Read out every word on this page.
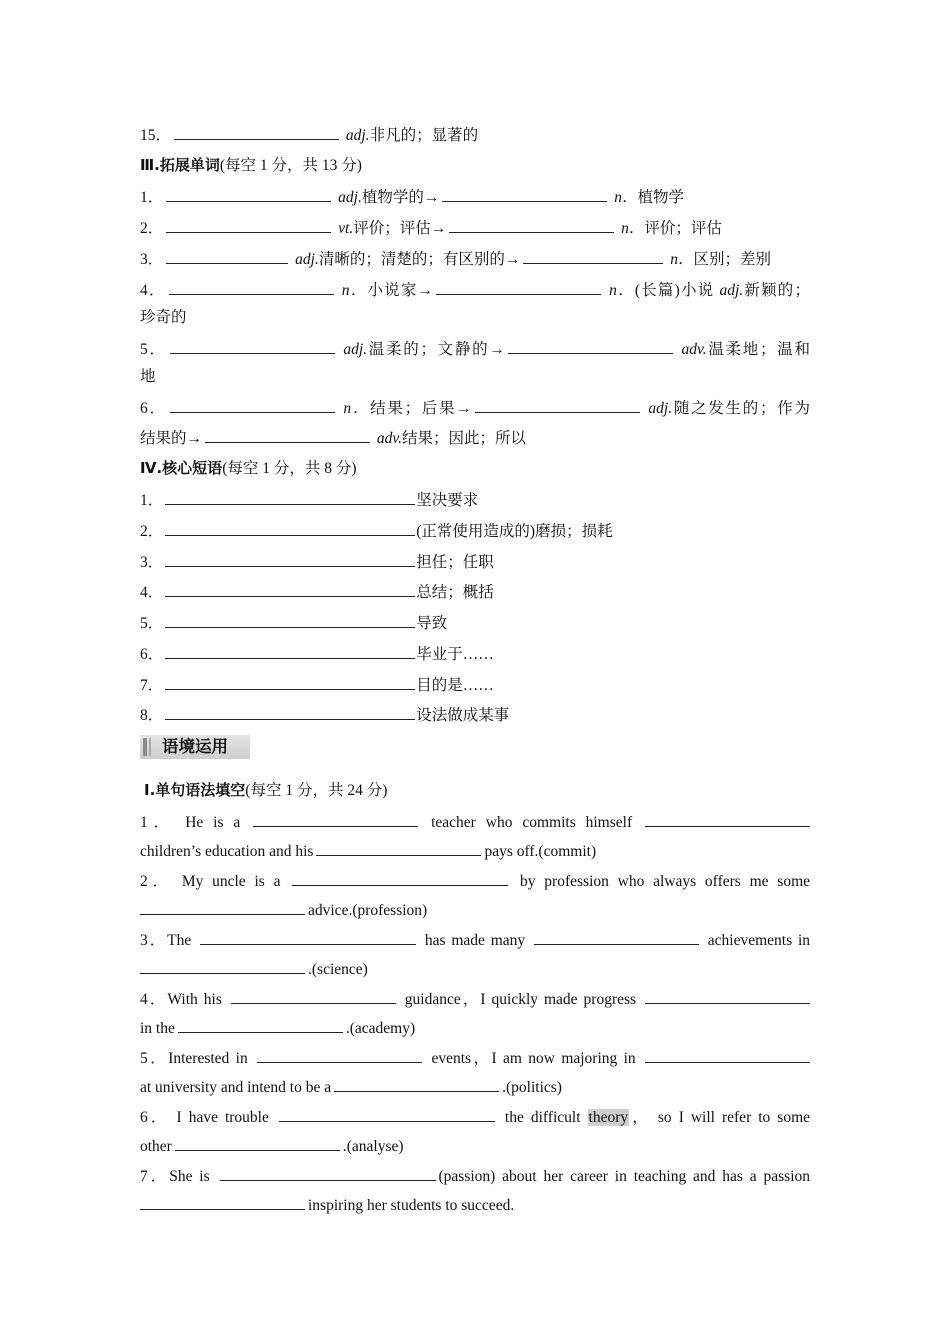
15．	adj.非凡的；显著的
Ⅲ.拓展单词(每空 1 分，共 13 分)
1．	adj.植物学的→	n．植物学
2．	vt.评价；评估→	n．评价；评估
3．	adj.清晰的；清楚的；有区别的→	n．区别；差别
4．	n．小说家→	n．(长篇)小说 adj.新颖的；
珍奇的
5．	adj.温柔的；文静的→	adv.温柔地；温和
地
6．	n．结果；后果→	adj.随之发生的；作为
结果的→	adv.结果；因此；所以
Ⅳ.核心短语(每空 1 分，共 8 分)
1．	坚决要求
2．	(正常使用造成的)磨损；损耗
3．	担任；任职
4．	总结；概括
5．	导致
6．	毕业于……
7．	目的是……
8．	设法做成某事
语境运用
Ⅰ.单句语法填空(每空 1 分，共 24 分)
1． He is a	teacher who commits himself
children’s education and his	pays off.(commit)
2． My uncle is a	by profession who always offers me some
advice.(profession)
3．The	has made many	achievements in
.(science)
4．With his	guidance，I quickly made progress
in the	.(academy)
5．Interested in	events，I am now majoring in
at university and intend to be a	.(politics)
6． I have trouble	the difficult theory， so I will refer to some
other	.(analyse)
7．She is	(passion) about her career in teaching and has a passion
inspiring her students to succeed.
